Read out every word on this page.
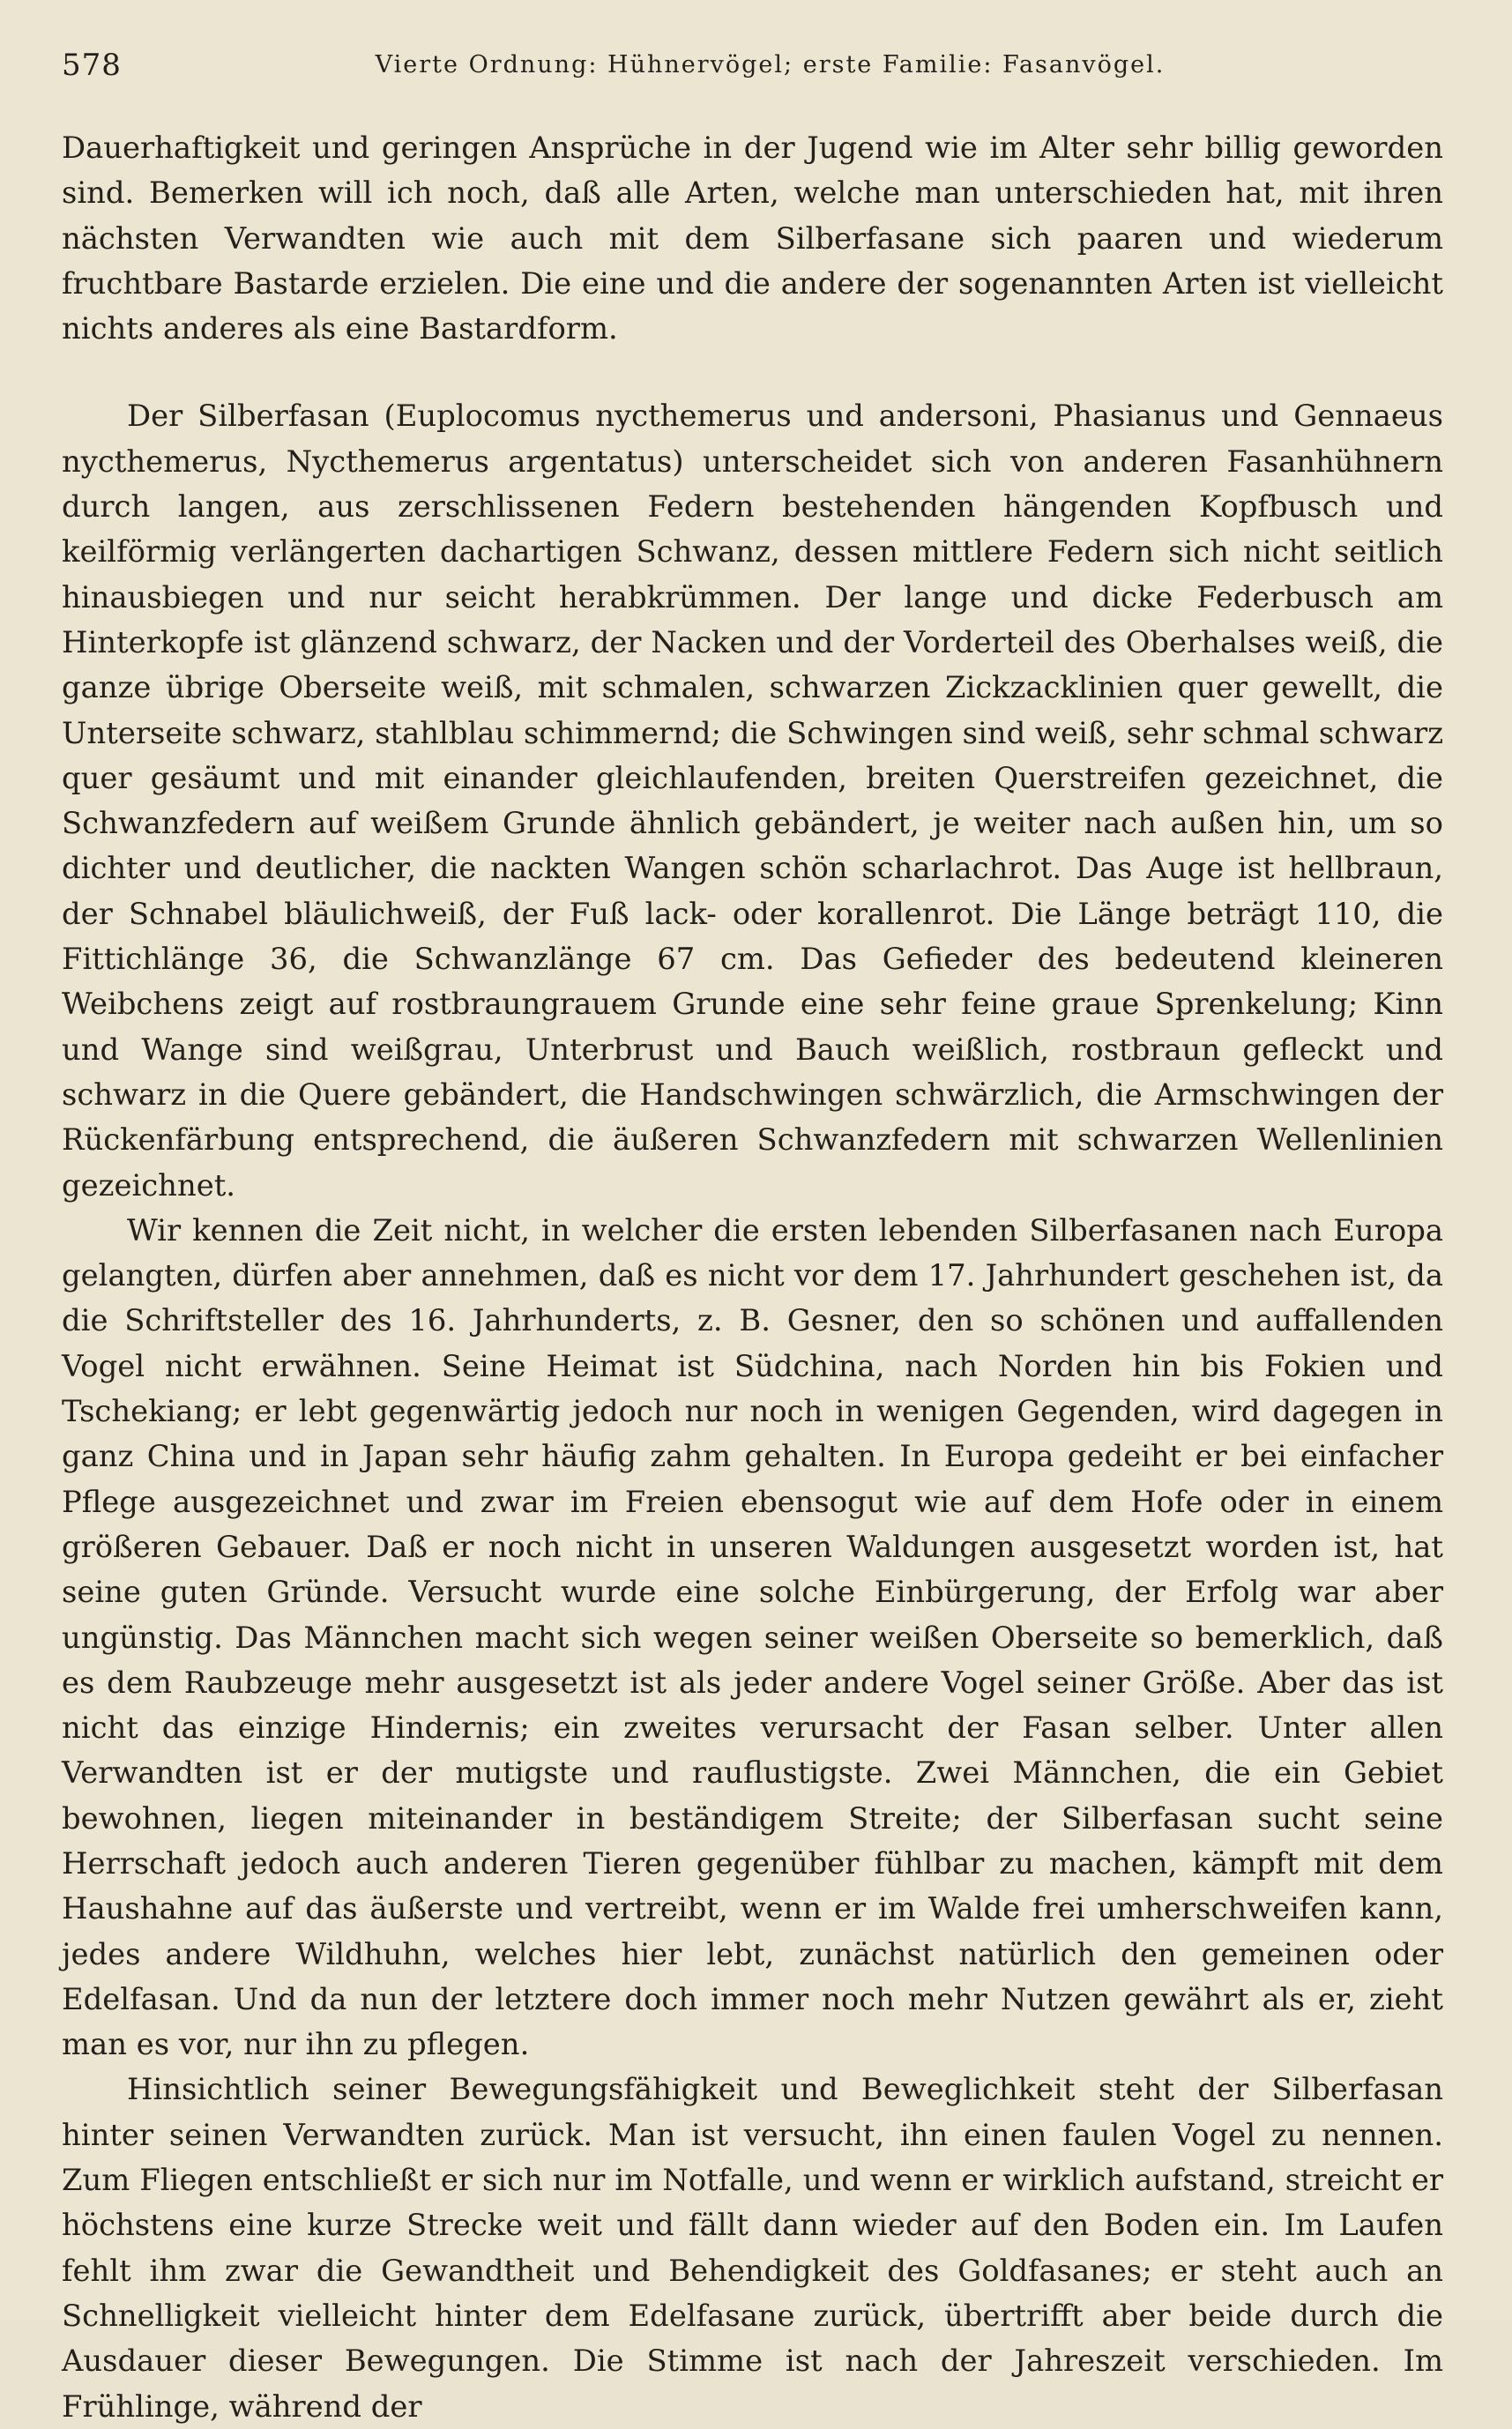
578	Vierte Ordnung: Hühnervögel; erste Familie: Fasanvögel.

Dauerhaftigkeit und geringen Ansprüche in der Jugend wie im Alter sehr billig geworden sind. Bemerken will ich noch, daß alle Arten, welche man unterschieden hat, mit ihren nächsten Verwandten wie auch mit dem Silberfasane sich paaren und wiederum fruchtbare Bastarde erzielen. Die eine und die andere der sogenannten Arten ist vielleicht nichts anderes als eine Bastardform.

Der Silberfasan (Euplocomus nycthemerus und andersoni, Phasianus und Gennaeus nycthemerus, Nycthemerus argentatus) unterscheidet sich von anderen Fasanhühnern durch langen, aus zerschlissenen Federn bestehenden hängenden Kopfbusch und keilförmig verlängerten dachartigen Schwanz, dessen mittlere Federn sich nicht seitlich hinausbiegen und nur seicht herabkrümmen. Der lange und dicke Federbusch am Hinterkopfe ist glänzend schwarz, der Nacken und der Vorderteil des Oberhalses weiß, die ganze übrige Oberseite weiß, mit schmalen, schwarzen Zickzacklinien quer gewellt, die Unterseite schwarz, stahlblau schimmernd; die Schwingen sind weiß, sehr schmal schwarz quer gesäumt und mit einander gleichlaufenden, breiten Querstreifen gezeichnet, die Schwanzfedern auf weißem Grunde ähnlich gebändert, je weiter nach außen hin, um so dichter und deutlicher, die nackten Wangen schön scharlachrot. Das Auge ist hellbraun, der Schnabel bläulichweiß, der Fuß lack- oder korallenrot. Die Länge beträgt 110, die Fittichlänge 36, die Schwanzlänge 67 cm. Das Gefieder des bedeutend kleineren Weibchens zeigt auf rostbraungrauem Grunde eine sehr feine graue Sprenkelung; Kinn und Wange sind weißgrau, Unterbrust und Bauch weißlich, rostbraun gefleckt und schwarz in die Quere gebändert, die Handschwingen schwärzlich, die Armschwingen der Rückenfärbung entsprechend, die äußeren Schwanzfedern mit schwarzen Wellenlinien gezeichnet.

Wir kennen die Zeit nicht, in welcher die ersten lebenden Silberfasanen nach Europa gelangten, dürfen aber annehmen, daß es nicht vor dem 17. Jahrhundert geschehen ist, da die Schriftsteller des 16. Jahrhunderts, z. B. Gesner, den so schönen und auffallenden Vogel nicht erwähnen. Seine Heimat ist Südchina, nach Norden hin bis Fokien und Tschekiang; er lebt gegenwärtig jedoch nur noch in wenigen Gegenden, wird dagegen in ganz China und in Japan sehr häufig zahm gehalten. In Europa gedeiht er bei einfacher Pflege ausgezeichnet und zwar im Freien ebensogut wie auf dem Hofe oder in einem größeren Gebauer. Daß er noch nicht in unseren Waldungen ausgesetzt worden ist, hat seine guten Gründe. Versucht wurde eine solche Einbürgerung, der Erfolg war aber ungünstig. Das Männchen macht sich wegen seiner weißen Oberseite so bemerklich, daß es dem Raubzeuge mehr ausgesetzt ist als jeder andere Vogel seiner Größe. Aber das ist nicht das einzige Hindernis; ein zweites verursacht der Fasan selber. Unter allen Verwandten ist er der mutigste und rauflustigste. Zwei Männchen, die ein Gebiet bewohnen, liegen miteinander in beständigem Streite; der Silberfasan sucht seine Herrschaft jedoch auch anderen Tieren gegenüber fühlbar zu machen, kämpft mit dem Haushahne auf das äußerste und vertreibt, wenn er im Walde frei umherschweifen kann, jedes andere Wildhuhn, welches hier lebt, zunächst natürlich den gemeinen oder Edelfasan. Und da nun der letztere doch immer noch mehr Nutzen gewährt als er, zieht man es vor, nur ihn zu pflegen.

Hinsichtlich seiner Bewegungsfähigkeit und Beweglichkeit steht der Silberfasan hinter seinen Verwandten zurück. Man ist versucht, ihn einen faulen Vogel zu nennen. Zum Fliegen entschließt er sich nur im Notfalle, und wenn er wirklich aufstand, streicht er höchstens eine kurze Strecke weit und fällt dann wieder auf den Boden ein. Im Laufen fehlt ihm zwar die Gewandtheit und Behendigkeit des Goldfasanes; er steht auch an Schnelligkeit vielleicht hinter dem Edelfasane zurück, übertrifft aber beide durch die Ausdauer dieser Bewegungen. Die Stimme ist nach der Jahreszeit verschieden. Im Frühlinge, während der
